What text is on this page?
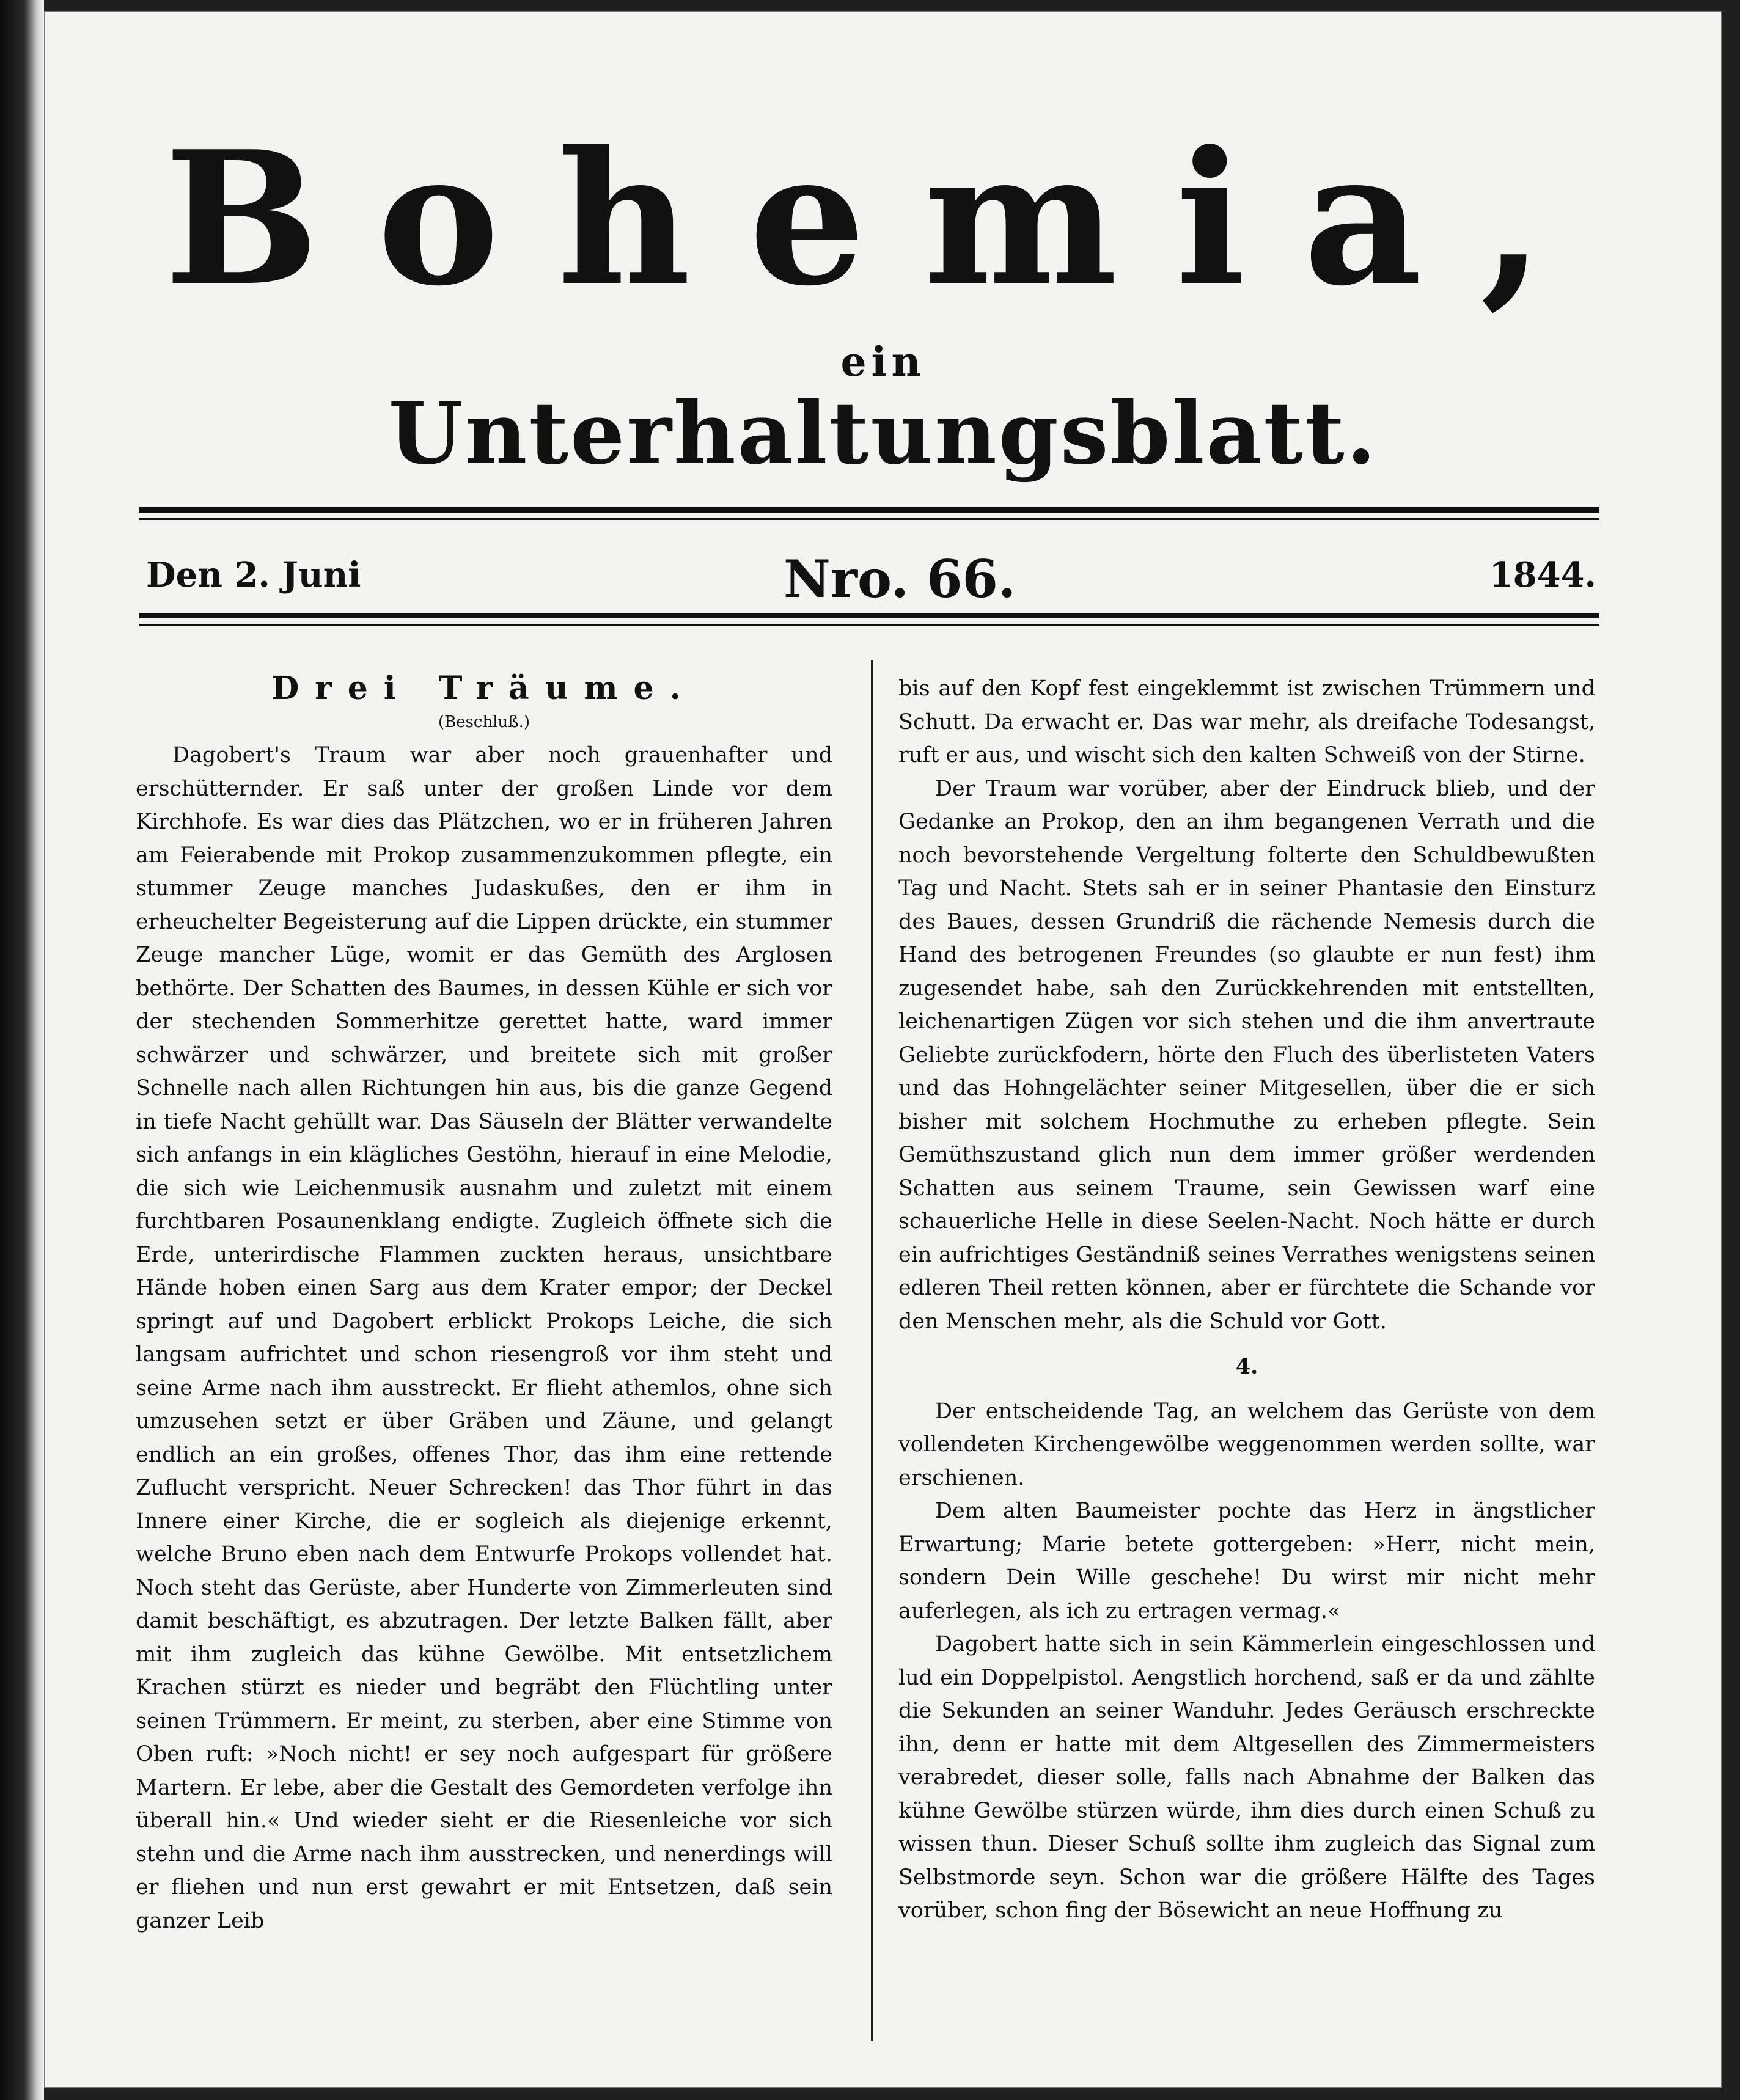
Bohemia,
ein
Unterhaltungsblatt.
Den 2. Juni	Nro. 66.	1844.

Drei Träume.

(Beschluß.)

Dagobert's Traum war aber noch grauenhafter und erschütternder. Er saß unter der großen Linde vor dem Kirchhofe. Es war dies das Plätzchen, wo er in früheren Jahren am Feierabende mit Prokop zusammenzukommen pflegte, ein stummer Zeuge manches Judaskußes, den er ihm in erheuchelter Begeisterung auf die Lippen drückte, ein stummer Zeuge mancher Lüge, womit er das Gemüth des Arglosen bethörte. Der Schatten des Baumes, in dessen Kühle er sich vor der stechenden Sommerhitze gerettet hatte, ward immer schwärzer und schwärzer, und breitete sich mit großer Schnelle nach allen Richtungen hin aus, bis die ganze Gegend in tiefe Nacht gehüllt war. Das Säuseln der Blätter verwandelte sich anfangs in ein klägliches Gestöhn, hierauf in eine Melodie, die sich wie Leichenmusik ausnahm und zuletzt mit einem furchtbaren Posaunenklang endigte. Zugleich öffnete sich die Erde, unterirdische Flammen zuckten heraus, unsichtbare Hände hoben einen Sarg aus dem Krater empor; der Deckel springt auf und Dagobert erblickt Prokops Leiche, die sich langsam aufrichtet und schon riesengroß vor ihm steht und seine Arme nach ihm ausstreckt. Er flieht athemlos, ohne sich umzusehen setzt er über Gräben und Zäune, und gelangt endlich an ein großes, offenes Thor, das ihm eine rettende Zuflucht verspricht. Neuer Schrecken! das Thor führt in das Innere einer Kirche, die er sogleich als diejenige erkennt, welche Bruno eben nach dem Entwurfe Prokops vollendet hat. Noch steht das Gerüste, aber Hunderte von Zimmerleuten sind damit beschäftigt, es abzutragen. Der letzte Balken fällt, aber mit ihm zugleich das kühne Gewölbe. Mit entsetzlichem Krachen stürzt es nieder und begräbt den Flüchtling unter seinen Trümmern. Er meint, zu sterben, aber eine Stimme von Oben ruft: »Noch nicht! er sey noch aufgespart für größere Martern. Er lebe, aber die Gestalt des Gemordeten verfolge ihn überall hin.« Und wieder sieht er die Riesenleiche vor sich stehn und die Arme nach ihm ausstrecken, und nenerdings will er fliehen und nun erst gewahrt er mit Entsetzen, daß sein ganzer Leib

bis auf den Kopf fest eingeklemmt ist zwischen Trümmern und Schutt. Da erwacht er. Das war mehr, als dreifache Todesangst, ruft er aus, und wischt sich den kalten Schweiß von der Stirne.

Der Traum war vorüber, aber der Eindruck blieb, und der Gedanke an Prokop, den an ihm begangenen Verrath und die noch bevorstehende Vergeltung folterte den Schuldbewußten Tag und Nacht. Stets sah er in seiner Phantasie den Einsturz des Baues, dessen Grundriß die rächende Nemesis durch die Hand des betrogenen Freundes (so glaubte er nun fest) ihm zugesendet habe, sah den Zurückkehrenden mit entstellten, leichenartigen Zügen vor sich stehen und die ihm anvertraute Geliebte zurückfodern, hörte den Fluch des überlisteten Vaters und das Hohngelächter seiner Mitgesellen, über die er sich bisher mit solchem Hochmuthe zu erheben pflegte. Sein Gemüthszustand glich nun dem immer größer werdenden Schatten aus seinem Traume, sein Gewissen warf eine schauerliche Helle in diese Seelen-Nacht. Noch hätte er durch ein aufrichtiges Geständniß seines Verrathes wenigstens seinen edleren Theil retten können, aber er fürchtete die Schande vor den Menschen mehr, als die Schuld vor Gott.

4.

Der entscheidende Tag, an welchem das Gerüste von dem vollendeten Kirchengewölbe weggenommen werden sollte, war erschienen.

Dem alten Baumeister pochte das Herz in ängstlicher Erwartung; Marie betete gottergeben: »Herr, nicht mein, sondern Dein Wille geschehe! Du wirst mir nicht mehr auferlegen, als ich zu ertragen vermag.«

Dagobert hatte sich in sein Kämmerlein eingeschlossen und lud ein Doppelpistol. Aengstlich horchend, saß er da und zählte die Sekunden an seiner Wanduhr. Jedes Geräusch erschreckte ihn, denn er hatte mit dem Altgesellen des Zimmermeisters verabredet, dieser solle, falls nach Abnahme der Balken das kühne Gewölbe stürzen würde, ihm dies durch einen Schuß zu wissen thun. Dieser Schuß sollte ihm zugleich das Signal zum Selbstmorde seyn. Schon war die größere Hälfte des Tages vorüber, schon fing der Bösewicht an neue Hoffnung zu
